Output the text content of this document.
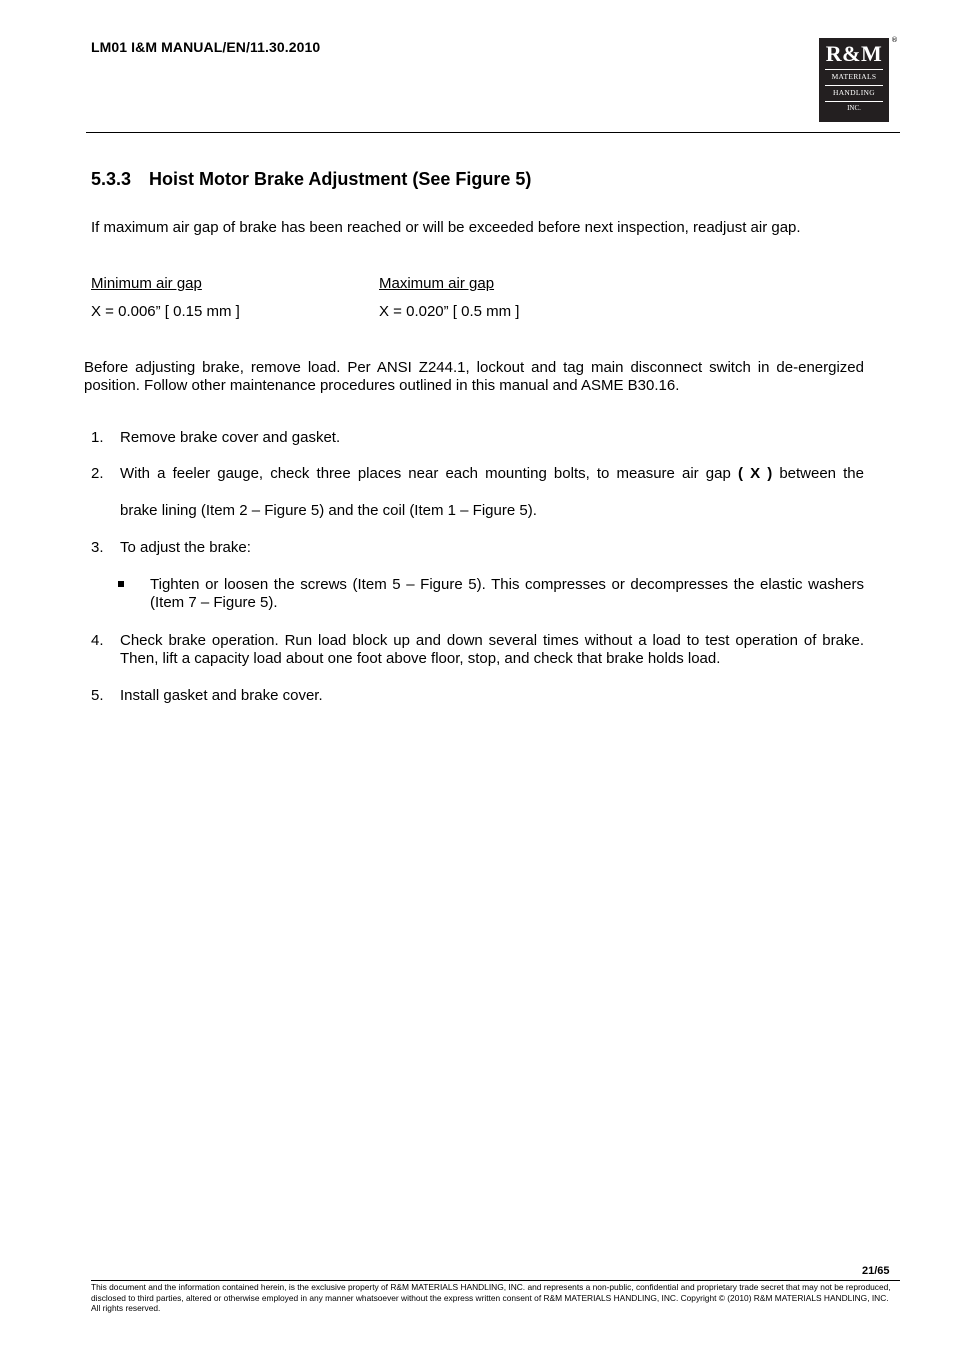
LM01 I&M MANUAL/EN/11.30.2010	R&M
MATERIALS
HANDLING
INC.
®
5.3.3 Hoist Motor Brake Adjustment (See Figure 5)
If maximum air gap of brake has been reached or will be exceeded before next inspection, readjust air gap.
Minimum air gap	Maximum air gap
X = 0.006” [ 0.15 mm ]	X = 0.020” [ 0.5 mm ]
Before adjusting brake, remove load. Per ANSI Z244.1, lockout and tag main disconnect switch in de-energized position. Follow other maintenance procedures outlined in this manual and ASME B30.16.
1. Remove brake cover and gasket.
2. With a feeler gauge, check three places near each mounting bolts, to measure air gap ( X ) between the
brake lining (Item 2 – Figure 5) and the coil (Item 1 – Figure 5).
3. To adjust the brake:
Tighten or loosen the screws (Item 5 – Figure 5). This compresses or decompresses the elastic washers (Item 7 – Figure 5).
4. Check brake operation. Run load block up and down several times without a load to test operation of brake. Then, lift a capacity load about one foot above floor, stop, and check that brake holds load.
5. Install gasket and brake cover.
21/65
This document and the information contained herein, is the exclusive property of R&M MATERIALS HANDLING, INC. and represents a non-public, confidential and proprietary trade secret that may not be reproduced, disclosed to third parties, altered or otherwise employed in any manner whatsoever without the express written consent of R&M MATERIALS HANDLING, INC. Copyright © (2010) R&M MATERIALS HANDLING, INC. All rights reserved.
